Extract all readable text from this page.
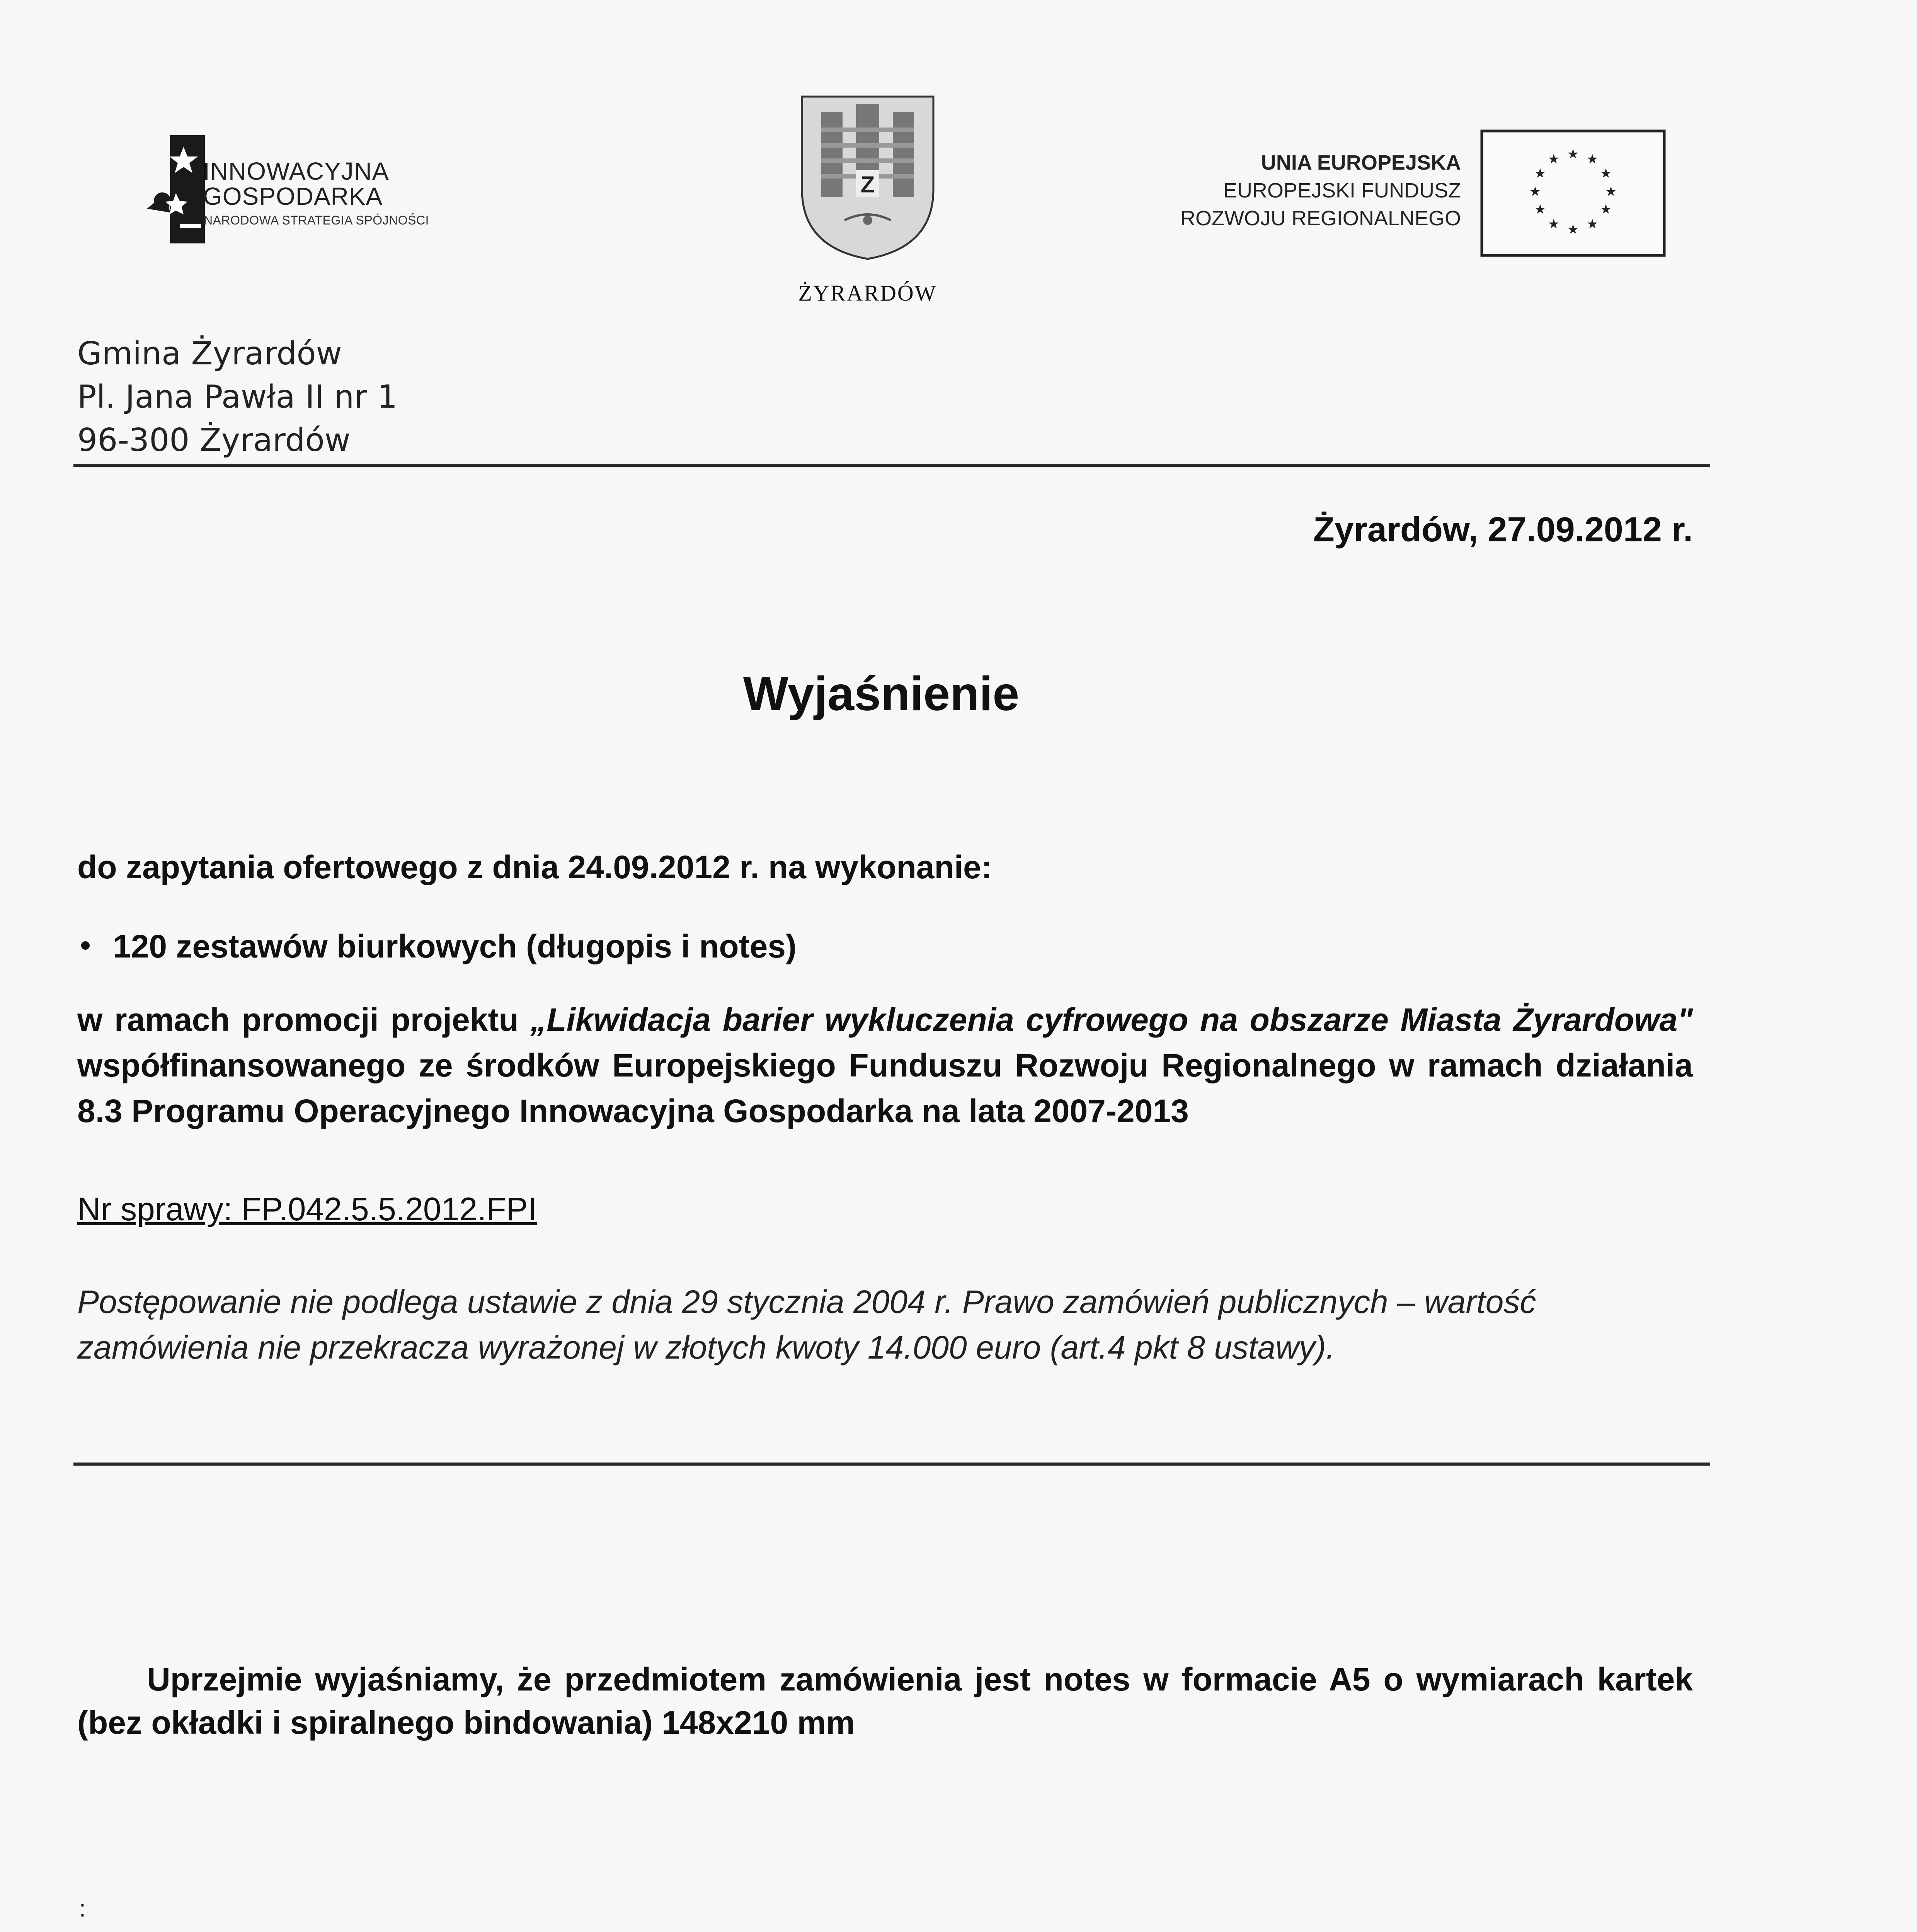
INNOWACYJNA
GOSPODARKA
NARODOWA STRATEGIA SPÓJNOŚCI
Z
ŻYRARDÓW
UNIA EUROPEJSKA
EUROPEJSKI FUNDUSZ
ROZWOJU REGIONALNEGO
★ ★
★
★
★
★
★
★
★
★
★ ★
Gmina Żyrardów
Pl. Jana Pawła II nr 1
96-300 Żyrardów
Żyrardów, 27.09.2012 r.
Wyjaśnienie
do zapytania ofertowego z dnia 24.09.2012 r. na wykonanie:
120 zestawów biurkowych (długopis i notes)
w ramach promocji projektu „Likwidacja barier wykluczenia cyfrowego na obszarze Miasta Żyrardowa" współfinansowanego ze środków Europejskiego Funduszu Rozwoju Regionalnego w ramach działania 8.3 Programu Operacyjnego Innowacyjna Gospodarka na lata 2007-2013
Nr sprawy: FP.042.5.5.2012.FPI
Postępowanie nie podlega ustawie z dnia 29 stycznia 2004 r. Prawo zamówień publicznych – wartość zamówienia nie przekracza wyrażonej w złotych kwoty 14.000 euro (art.4 pkt 8 ustawy).
Uprzejmie wyjaśniamy, że przedmiotem zamówienia jest notes w formacie A5 o wymiarach kartek (bez okładki i spiralnego bindowania) 148x210 mm
:
